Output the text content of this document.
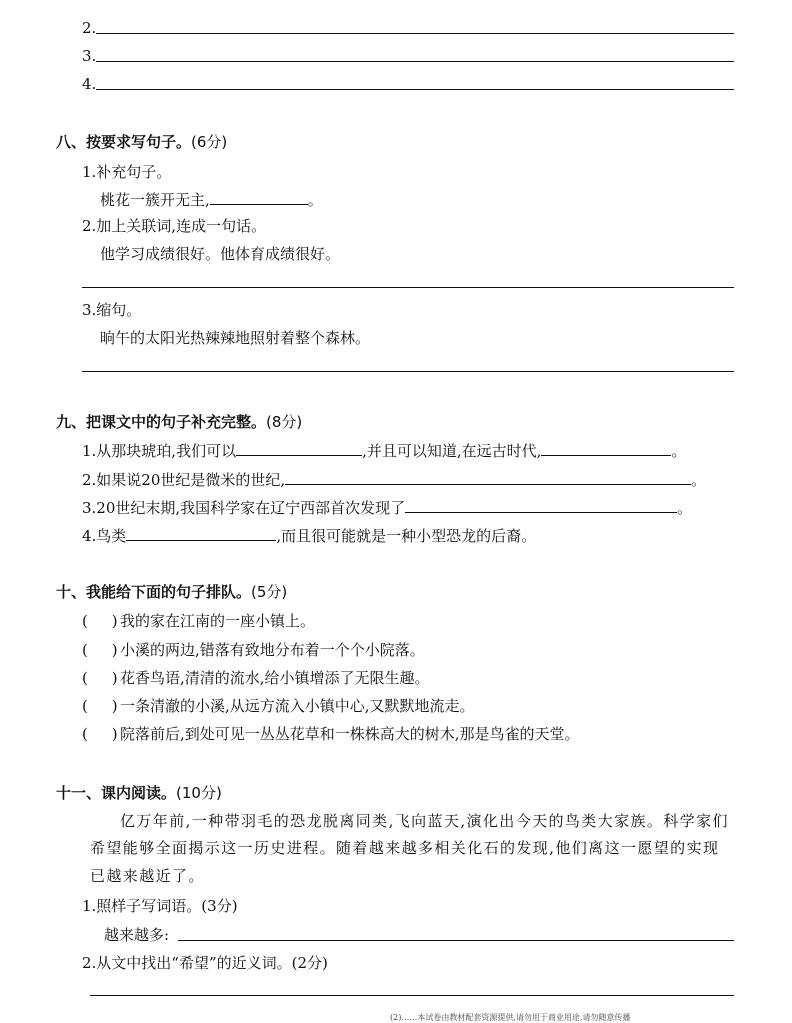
2.
3.
4.
八、按要求写句子。(6分)
1.补充句子。
桃花一簇开无主,	。
2.加上关联词,连成一句话。
他学习成绩很好。他体育成绩很好。
3.缩句。
晌午的太阳光热辣辣地照射着整个森林。
九、把课文中的句子补充完整。(8分)
1.从那块琥珀,我们可以	,并且可以知道,在远古时代,	。
2.如果说20世纪是微米的世纪,	。
3.20世纪末期,我国科学家在辽宁西部首次发现了	。
4.鸟类	,而且很可能就是一种小型恐龙的后裔。
十、我能给下面的句子排队。(5分)
(     ) 我的家在江南的一座小镇上。
(     ) 小溪的两边,错落有致地分布着一个个小院落。
(     ) 花香鸟语,清清的流水,给小镇增添了无限生趣。
(     ) 一条清澈的小溪,从远方流入小镇中心,又默默地流走。
(     ) 院落前后,到处可见一丛丛花草和一株株高大的树木,那是鸟雀的天堂。
十一、课内阅读。(10分)
亿万年前,一种带羽毛的恐龙脱离同类,飞向蓝天,演化出今天的鸟类大家族。科学家们
希望能够全面揭示这一历史进程。随着越来越多相关化石的发现,他们离这一愿望的实现
已越来越近了。
1.照样子写词语。(3分)
越来越多:
2.从文中找出“希望”的近义词。(2分)
(2)……本试卷由教材配套资源提供,请勿用于商业用途,请勿随意传播
